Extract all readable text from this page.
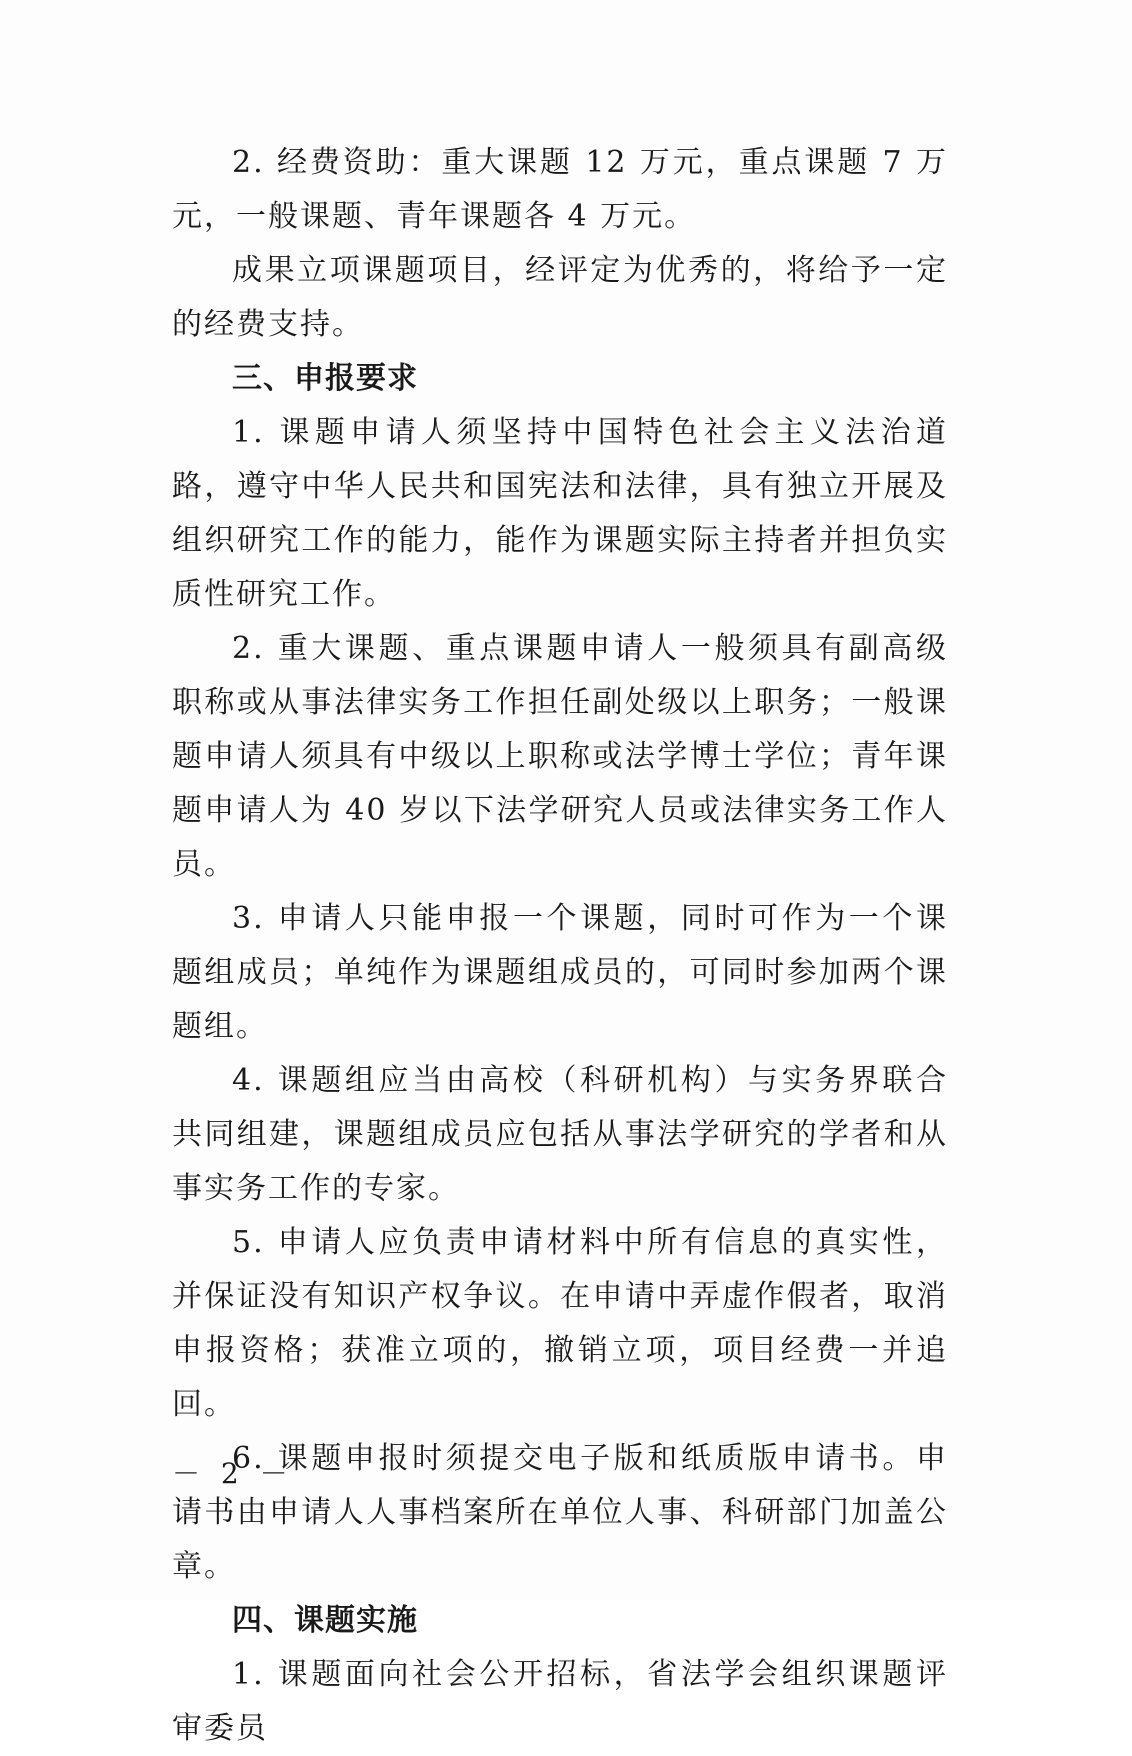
2. 经费资助：重大课题 12 万元，重点课题 7 万元，一般课题、青年课题各 4 万元。

成果立项课题项目，经评定为优秀的，将给予一定的经费支持。

三、申报要求

1. 课题申请人须坚持中国特色社会主义法治道路，遵守中华人民共和国宪法和法律，具有独立开展及组织研究工作的能力，能作为课题实际主持者并担负实质性研究工作。

2. 重大课题、重点课题申请人一般须具有副高级职称或从事法律实务工作担任副处级以上职务；一般课题申请人须具有中级以上职称或法学博士学位；青年课题申请人为 40 岁以下法学研究人员或法律实务工作人员。

3. 申请人只能申报一个课题，同时可作为一个课题组成员；单纯作为课题组成员的，可同时参加两个课题组。

4. 课题组应当由高校（科研机构）与实务界联合共同组建，课题组成员应包括从事法学研究的学者和从事实务工作的专家。

5. 申请人应负责申请材料中所有信息的真实性，并保证没有知识产权争议。在申请中弄虚作假者，取消申报资格；获准立项的，撤销立项，项目经费一并追回。

6. 课题申报时须提交电子版和纸质版申请书。申请书由申请人人事档案所在单位人事、科研部门加盖公章。

四、课题实施

1. 课题面向社会公开招标，省法学会组织课题评审委员

－ 2 －
